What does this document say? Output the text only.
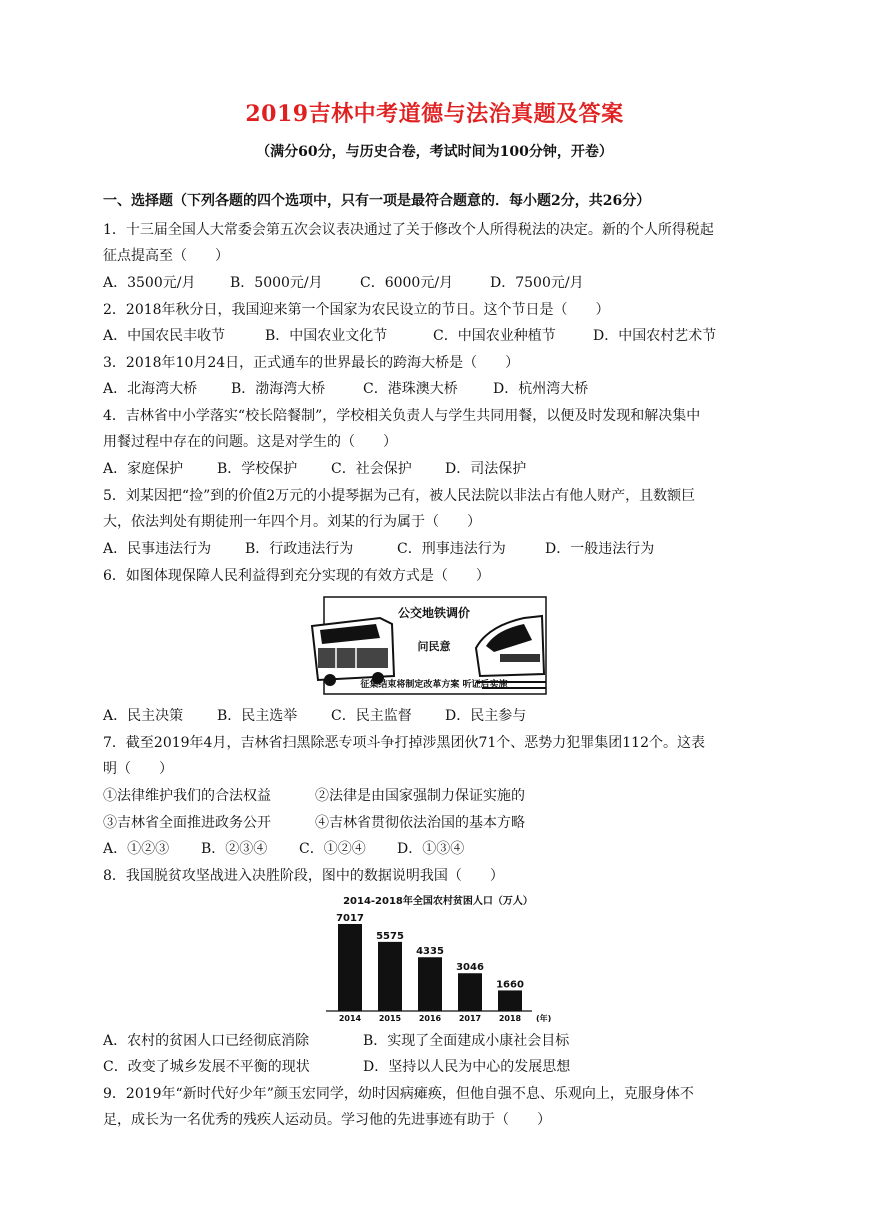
2019吉林中考道德与法治真题及答案
（满分60分，与历史合卷，考试时间为100分钟，开卷）
一、选择题（下列各题的四个选项中，只有一项是最符合题意的．每小题2分，共26分）
1．十三届全国人大常委会第五次会议表决通过了关于修改个人所得税法的决定。新的个人所得税起
征点提高至（　　）
A．3500元/月 B．5000元/月	C．6000元/月	D．7500元/月
2．2018年秋分日，我国迎来第一个国家为农民设立的节日。这个节日是（　　）
A．中国农民丰收节	B．中国农业文化节	C．中国农业种植节	D．中国农村艺术节
3．2018年10月24日，正式通车的世界最长的跨海大桥是（　　）
A．北海湾大桥 B．渤海湾大桥	C．港珠澳大桥	D．杭州湾大桥
4．吉林省中小学落实“校长陪餐制”，学校相关负责人与学生共同用餐，以便及时发现和解决集中
用餐过程中存在的问题。这是对学生的（　　）
A．家庭保护 B．学校保护 C．社会保护 D．司法保护
5．刘某因把“捡”到的价值2万元的小提琴据为己有，被人民法院以非法占有他人财产，且数额巨
大，依法判处有期徒刑一年四个月。刘某的行为属于（　　）
A．民事违法行为 B．行政违法行为	C．刑事违法行为	D．一般违法行为
6．如图体现保障人民利益得到充分实现的有效方式是（　　）
公交地铁调价
问民意
征集结束将制定改革方案 听证后实施
A．民主决策 B．民主选举 C．民主监督 D．民主参与
7．截至2019年4月，吉林省扫黑除恶专项斗争打掉涉黑团伙71个、恶势力犯罪集团112个。这表
明（　　）
①法律维护我们的合法权益	②法律是由国家强制力保证实施的
③吉林省全面推进政务公开	④吉林省贯彻依法治国的基本方略
A．①②③ B．②③④ C．①②④ D．①③④
8．我国脱贫攻坚战进入决胜阶段，图中的数据说明我国（　　）
2014-2018年全国农村贫困人口（万人）
7017
2014
5575
2015
4335
2016
3046
2017
1660
2018 (年)
A．农村的贫困人口已经彻底消除	B．实现了全面建成小康社会目标
C．改变了城乡发展不平衡的现状	D．坚持以人民为中心的发展思想
9．2019年“新时代好少年”颜玉宏同学，幼时因病瘫痪，但他自强不息、乐观向上，克服身体不
足，成长为一名优秀的残疾人运动员。学习他的先进事迹有助于（　　）
